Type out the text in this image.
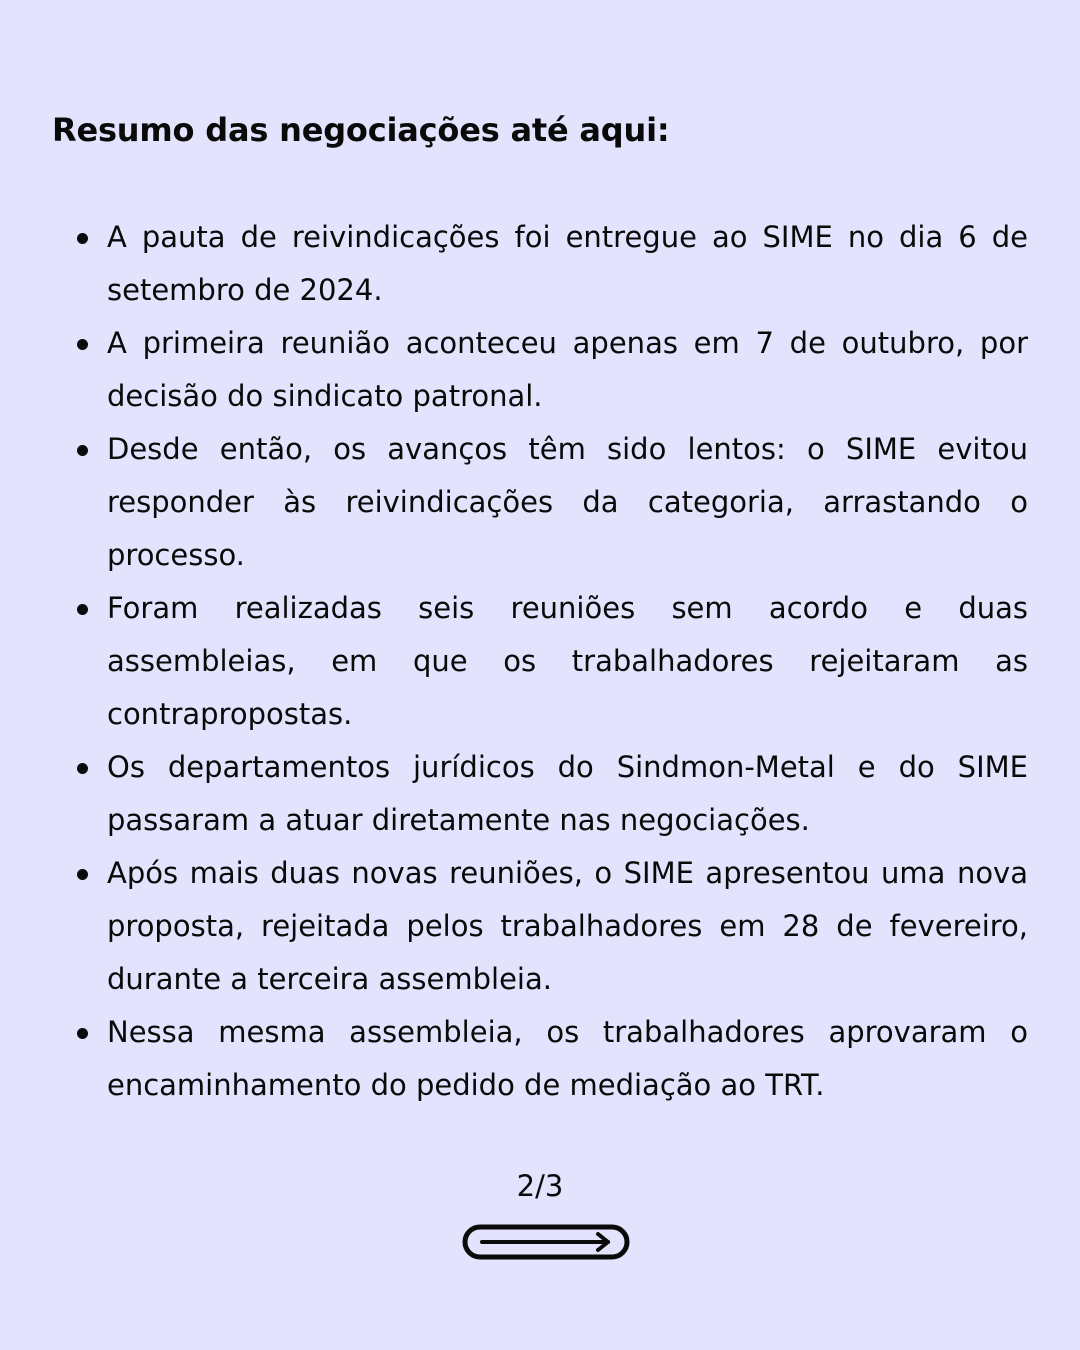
Resumo das negociações até aqui:
A pauta de reivindicações foi entregue ao SIME no dia 6 de setembro de 2024.
A primeira reunião aconteceu apenas em 7 de outubro, por decisão do sindicato patronal.
Desde então, os avanços têm sido lentos: o SIME evitou responder às reivindicações da categoria, arrastando o processo.
Foram realizadas seis reuniões sem acordo e duas assembleias, em que os trabalhadores rejeitaram as contrapropostas.
Os departamentos jurídicos do Sindmon-Metal e do SIME passaram a atuar diretamente nas negociações.
Após mais duas novas reuniões, o SIME apresentou uma nova proposta, rejeitada pelos trabalhadores em 28 de fevereiro, durante a terceira assembleia.
Nessa mesma assembleia, os trabalhadores aprovaram o encaminhamento do pedido de mediação ao TRT.
2/3
